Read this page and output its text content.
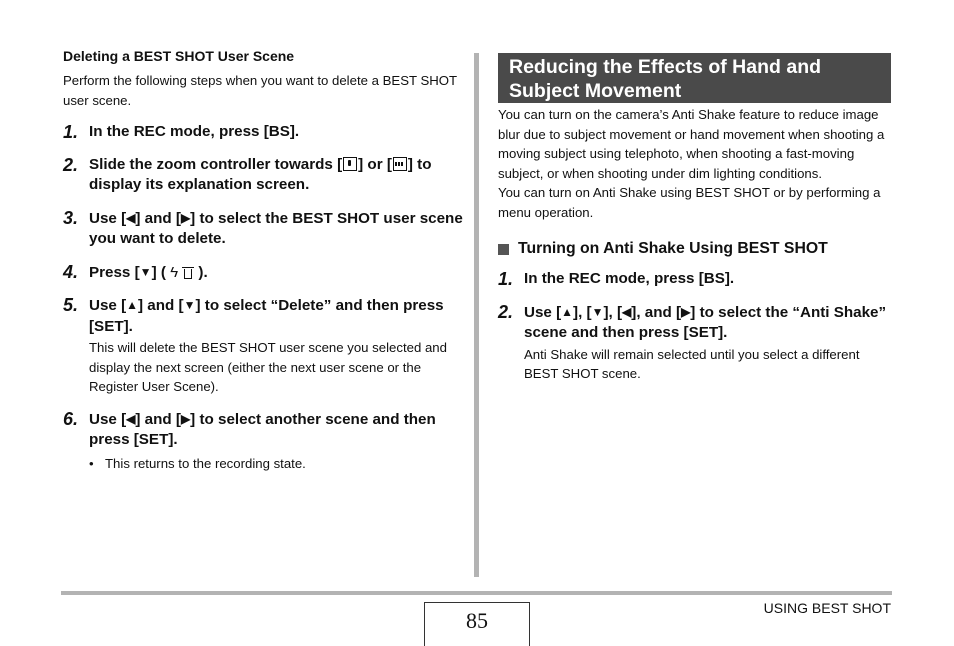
Deleting a BEST SHOT User Scene
Perform the following steps when you want to delete a BEST SHOT user scene.
1. In the REC mode, press [BS].
2. Slide the zoom controller towards [ ] or [ ] to display its explanation screen.
3. Use [◀] and [▶] to select the BEST SHOT user scene you want to delete.
4. Press [▼] ( ϟ ).
5. Use [▲] and [▼] to select “Delete” and then press [SET].
This will delete the BEST SHOT user scene you selected and display the next screen (either the next user scene or the Register User Scene).
6. Use [◀] and [▶] to select another scene and then press [SET].
• This returns to the recording state.
Reducing the Effects of Hand and Subject Movement
You can turn on the camera’s Anti Shake feature to reduce image blur due to subject movement or hand movement when shooting a moving subject using telephoto, when shooting a fast-moving subject, or when shooting under dim lighting conditions.
You can turn on Anti Shake using BEST SHOT or by performing a menu operation.
Turning on Anti Shake Using BEST SHOT
1. In the REC mode, press [BS].
2. Use [▲], [▼], [◀], and [▶] to select the “Anti Shake” scene and then press [SET].
Anti Shake will remain selected until you select a different BEST SHOT scene.
85	USING BEST SHOT
